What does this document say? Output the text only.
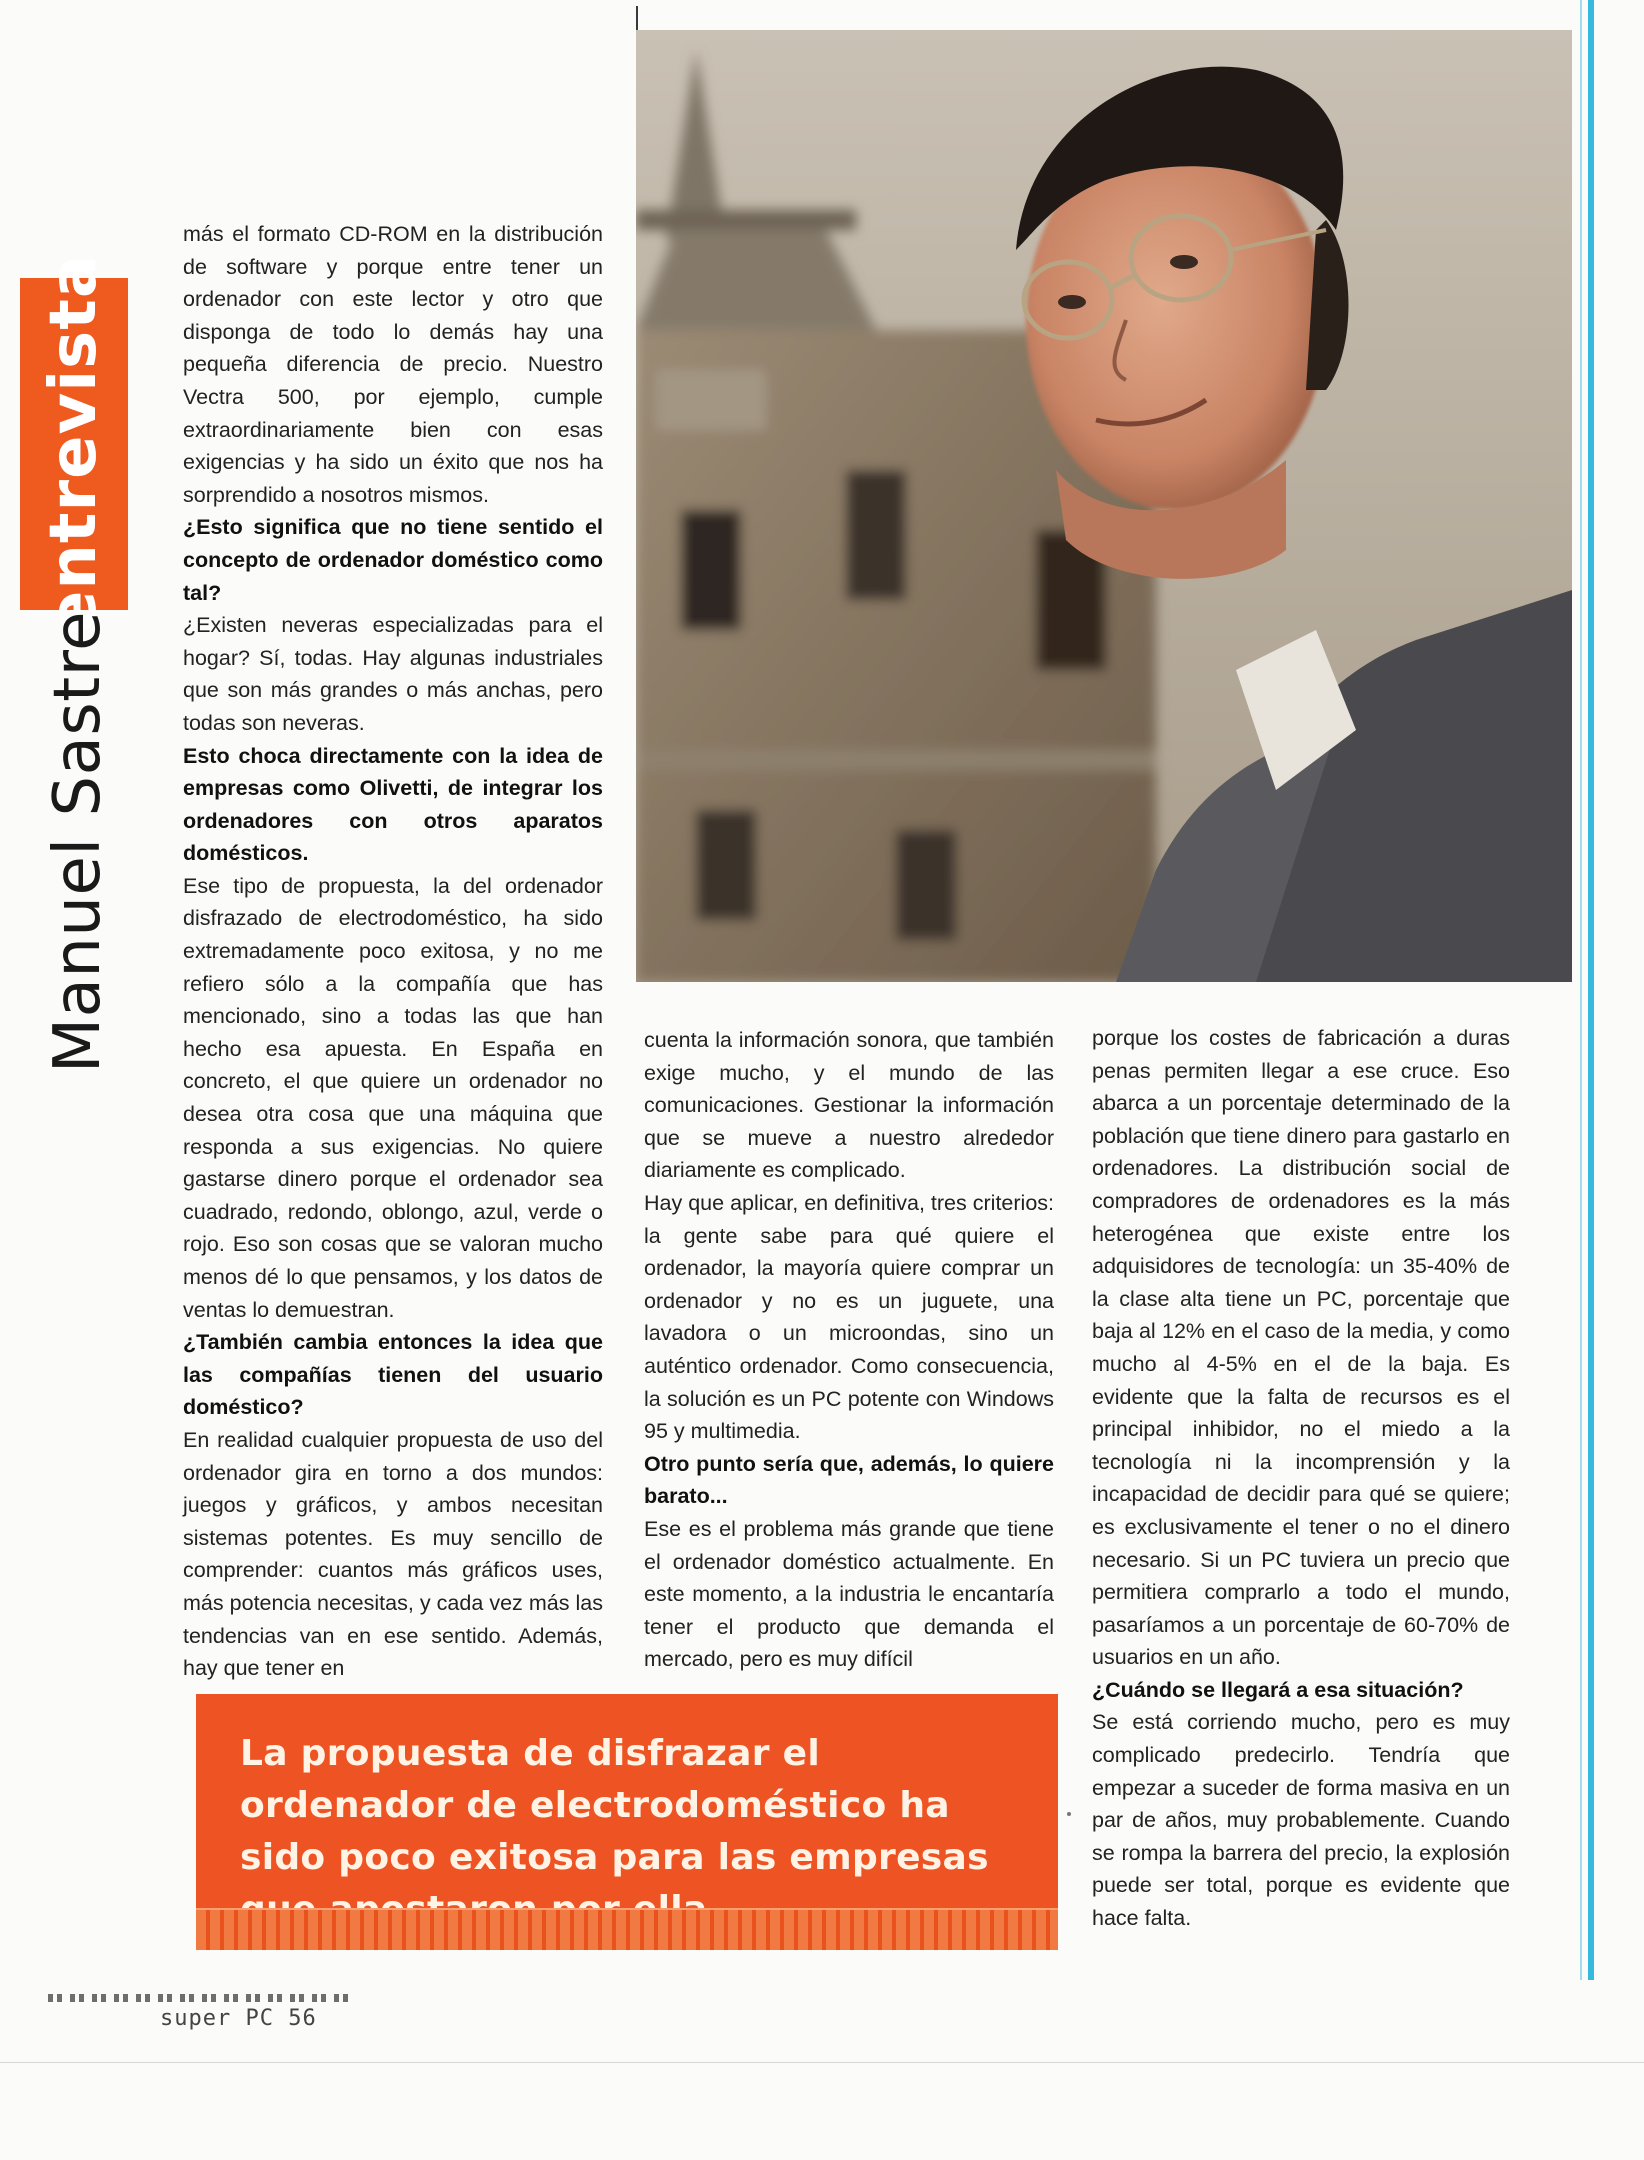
entrevista
Manuel Sastre

más el formato CD-ROM en la distribución de software y porque entre tener un ordenador con este lector y otro que disponga de todo lo demás hay una pequeña diferencia de precio. Nuestro Vectra 500, por ejemplo, cumple extraordinariamente bien con esas exigencias y ha sido un éxito que nos ha sorprendido a nosotros mismos.

¿Esto significa que no tiene sentido el concepto de ordenador doméstico como tal?

¿Existen neveras especializadas para el hogar? Sí, todas. Hay algunas industriales que son más grandes o más anchas, pero todas son neveras.

Esto choca directamente con la idea de empresas como Olivetti, de integrar los ordenadores con otros aparatos domésticos.

Ese tipo de propuesta, la del ordenador disfrazado de electrodoméstico, ha sido extremadamente poco exitosa, y no me refiero sólo a la compañía que has mencionado, sino a todas las que han hecho esa apuesta. En España en concreto, el que quiere un ordenador no desea otra cosa que una máquina que responda a sus exigencias. No quiere gastarse dinero porque el ordenador sea cuadrado, redondo, oblongo, azul, verde o rojo. Eso son cosas que se valoran mucho menos dé lo que pensamos, y los datos de ventas lo demuestran.

¿También cambia entonces la idea que las compañías tienen del usuario doméstico?

En realidad cualquier propuesta de uso del ordenador gira en torno a dos mundos: juegos y gráficos, y ambos necesitan sistemas potentes. Es muy sencillo de comprender: cuantos más gráficos uses, más potencia necesitas, y cada vez más las tendencias van en ese sentido. Además, hay que tener en

cuenta la información sonora, que también exige mucho, y el mundo de las comunicaciones. Gestionar la información que se mueve a nuestro alrededor diariamente es complicado.

Hay que aplicar, en definitiva, tres criterios: la gente sabe para qué quiere el ordenador, la mayoría quiere comprar un ordenador y no es un juguete, una lavadora o un microondas, sino un auténtico ordenador. Como consecuencia, la solución es un PC potente con Windows 95 y multimedia.

Otro punto sería que, además, lo quiere barato...

Ese es el problema más grande que tiene el ordenador doméstico actualmente. En este momento, a la industria le encantaría tener el producto que demanda el mercado, pero es muy difícil

porque los costes de fabricación a duras penas permiten llegar a ese cruce. Eso abarca a un porcentaje determinado de la población que tiene dinero para gastarlo en ordenadores. La distribución social de compradores de ordenadores es la más heterogénea que existe entre los adquisidores de tecnología: un 35-40% de la clase alta tiene un PC, porcentaje que baja al 12% en el caso de la media, y como mucho al 4-5% en el de la baja. Es evidente que la falta de recursos es el principal inhibidor, no el miedo a la tecnología ni la incomprensión y la incapacidad de decidir para qué se quiere; es exclusivamente el tener o no el dinero necesario. Si un PC tuviera un precio que permitiera comprarlo a todo el mundo, pasaríamos a un porcentaje de 60-70% de usuarios en un año.

¿Cuándo se llegará a esa situación?

Se está corriendo mucho, pero es muy complicado predecirlo. Tendría que empezar a suceder de forma masiva en un par de años, muy probablemente. Cuando se rompa la barrera del precio, la explosión puede ser total, porque es evidente que hace falta.

La propuesta de disfrazar el ordenador de electrodoméstico ha sido poco exitosa para las empresas
super PC 56
